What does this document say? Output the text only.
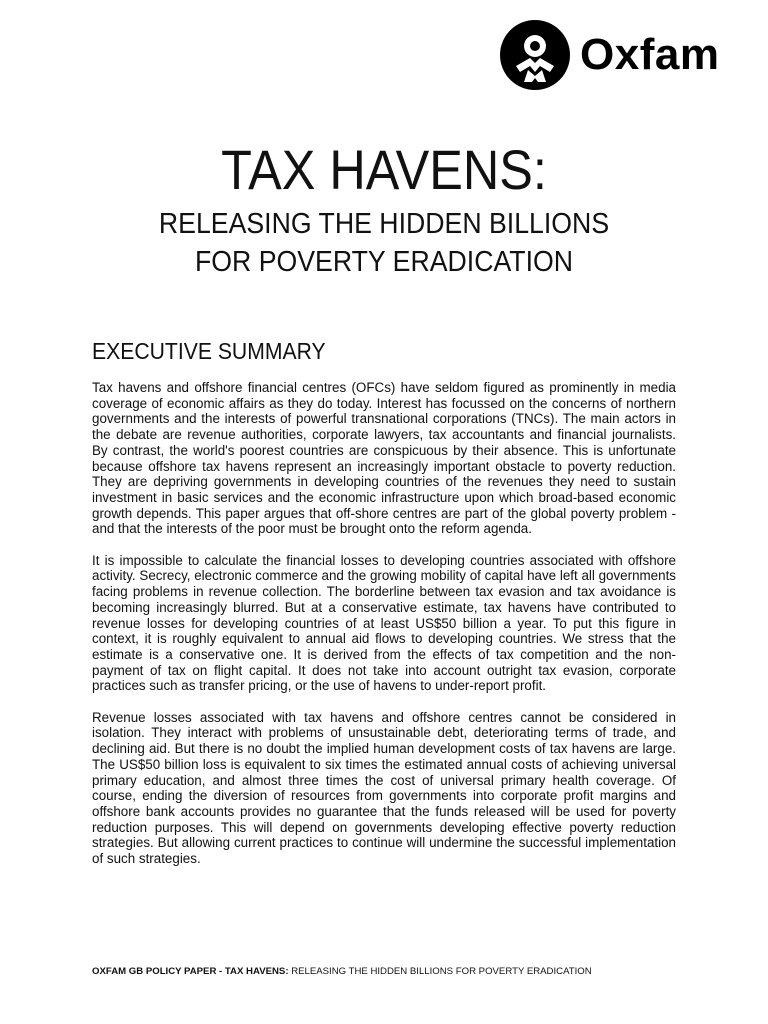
Oxfam
TAX HAVENS:
RELEASING THE HIDDEN BILLIONS
FOR POVERTY ERADICATION
EXECUTIVE SUMMARY

Tax havens and offshore financial centres (OFCs) have seldom figured as prominently in media coverage of economic affairs as they do today. Interest has focussed on the concerns of northern governments and the interests of powerful transnational corporations (TNCs). The main actors in the debate are revenue authorities, corporate lawyers, tax accountants and financial journalists. By contrast, the world's poorest countries are conspicuous by their absence. This is unfortunate because offshore tax havens represent an increasingly important obstacle to poverty reduction. They are depriving governments in developing countries of the revenues they need to sustain investment in basic services and the economic infrastructure upon which broad-based economic growth depends. This paper argues that off-shore centres are part of the global poverty problem - and that the interests of the poor must be brought onto the reform agenda.

It is impossible to calculate the financial losses to developing countries associated with offshore activity. Secrecy, electronic commerce and the growing mobility of capital have left all governments facing problems in revenue collection. The borderline between tax evasion and tax avoidance is becoming increasingly blurred. But at a conservative estimate, tax havens have contributed to revenue losses for developing countries of at least US$50 billion a year. To put this figure in context, it is roughly equivalent to annual aid flows to developing countries. We stress that the estimate is a conservative one. It is derived from the effects of tax competition and the non-payment of tax on flight capital. It does not take into account outright tax evasion, corporate practices such as transfer pricing, or the use of havens to under-report profit.

Revenue losses associated with tax havens and offshore centres cannot be considered in isolation. They interact with problems of unsustainable debt, deteriorating terms of trade, and declining aid. But there is no doubt the implied human development costs of tax havens are large. The US$50 billion loss is equivalent to six times the estimated annual costs of achieving universal primary education, and almost three times the cost of universal primary health coverage. Of course, ending the diversion of resources from governments into corporate profit margins and offshore bank accounts provides no guarantee that the funds released will be used for poverty reduction purposes. This will depend on governments developing effective poverty reduction strategies. But allowing current practices to continue will undermine the successful implementation of such strategies.

OXFAM GB POLICY PAPER - TAX HAVENS: RELEASING THE HIDDEN BILLIONS FOR POVERTY ERADICATION
